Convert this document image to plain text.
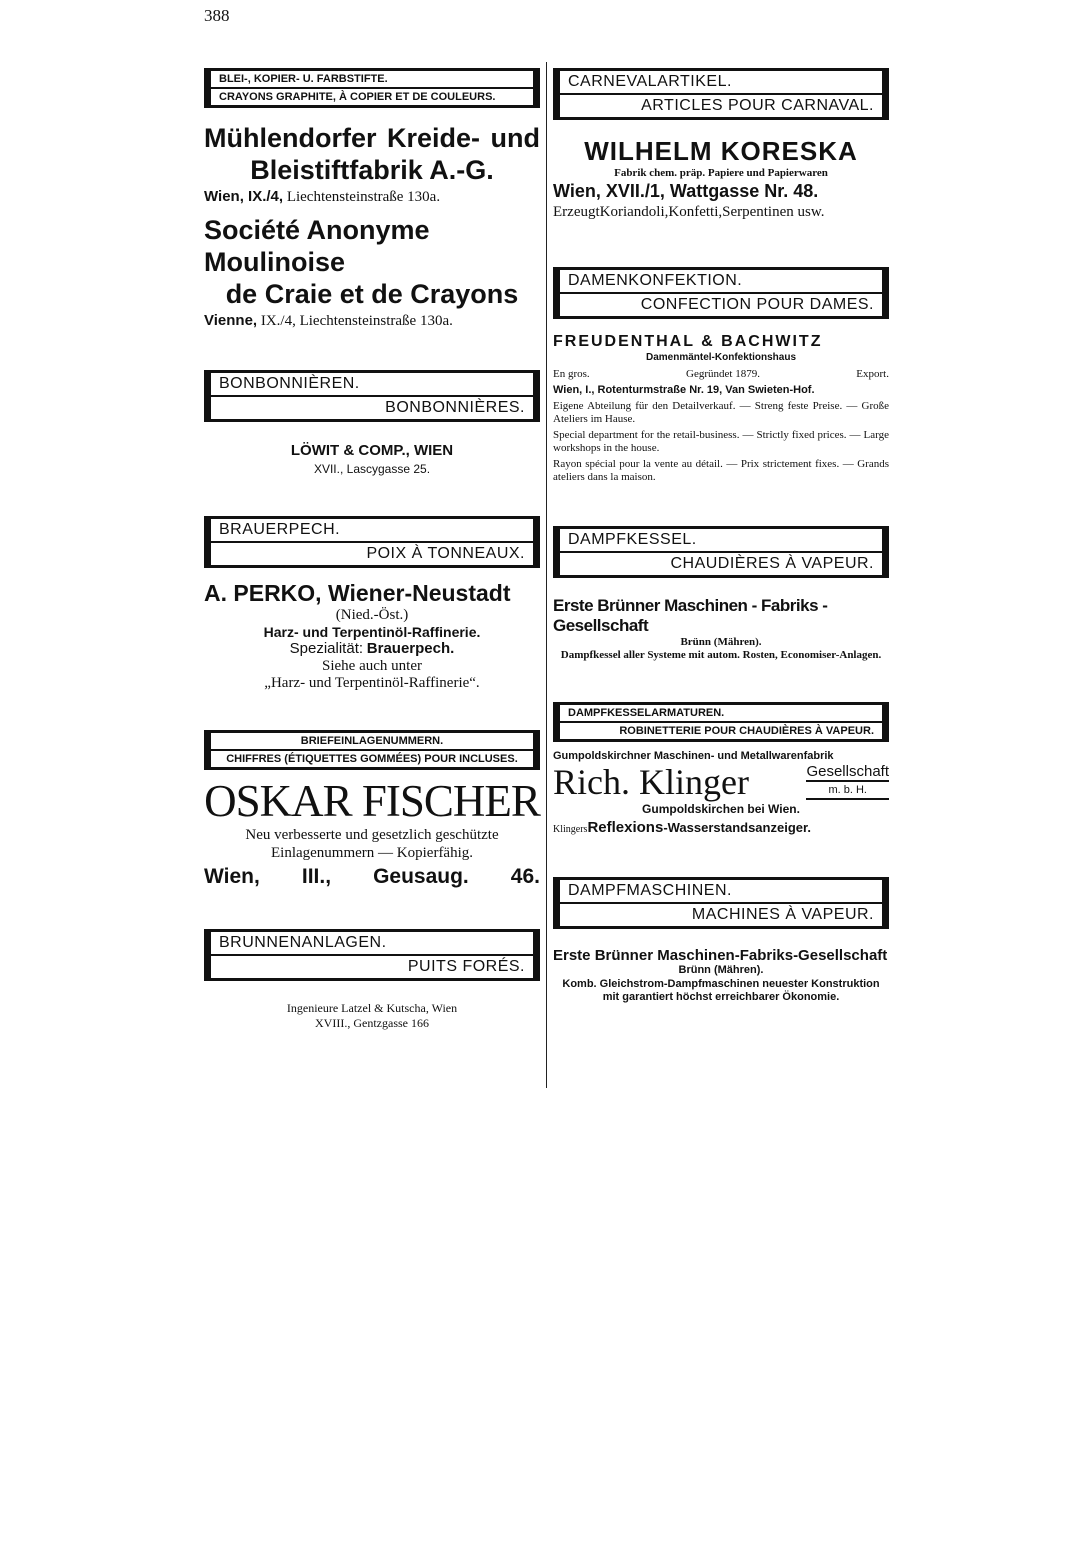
388
BLEI-, KOPIER- U. FARBSTIFTE.
CRAYONS GRAPHITE, À COPIER ET DE COULEURS.

Mühlendorfer Kreide- und

Bleistiftfabrik A.-G.

Wien, IX./4, Liechtensteinstraße 130a.

Société Anonyme Moulinoise

de Craie et de Crayons

Vienne, IX./4, Liechtensteinstraße 130a.

BONBONNIÈREN.
BONBONNIÈRES.

LÖWIT & COMP., WIEN

XVII., Lascygasse 25.

BRAUERPECH.
POIX À TONNEAUX.

A. PERKO, Wiener-Neustadt

(Nied.-Öst.)

Harz- und Terpentinöl-Raffinerie.

Spezialität: Brauerpech.

Siehe auch unter

„Harz- und Terpentinöl-Raffinerie“.

BRIEFEINLAGENUMMERN.
CHIFFRES (ÉTIQUETTES GOMMÉES) POUR INCLUSES.

OSKAR FISCHER

Neu verbesserte und gesetzlich geschützte Einlagenummern — Kopierfähig.

Wien, III., Geusaug. 46.

BRUNNENANLAGEN.
PUITS FORÉS.

Ingenieure Latzel & Kutscha, Wien

XVIII., Gentzgasse 166

CARNEVALARTIKEL.
ARTICLES POUR CARNAVAL.

WILHELM KORESKA

Fabrik chem. präp. Papiere und Papierwaren

Wien, XVII./1, Wattgasse Nr. 48.

ErzeugtKoriandoli,Konfetti,Serpentinen usw.

DAMENKONFEKTION.
CONFECTION POUR DAMES.

FREUDENTHAL & BACHWITZ

Damenmäntel-Konfektionshaus

En gros.	Gegründet 1879.	Export.

Wien, I., Rotenturmstraße Nr. 19, Van Swieten-Hof.

Eigene Abteilung für den Detailverkauf. — Streng feste Preise. — Große Ateliers im Hause.

Special department for the retail-business. — Strictly fixed prices. — Large workshops in the house.

Rayon spécial pour la vente au détail. — Prix strictement fixes. — Grands ateliers dans la maison.

DAMPFKESSEL.
CHAUDIÈRES À VAPEUR.

Erste Brünner Maschinen - Fabriks - Gesellschaft

Brünn (Mähren).

Dampfkessel aller Systeme mit autom. Rosten, Economiser-Anlagen.

DAMPFKESSELARMATUREN.
ROBINETTERIE POUR CHAUDIÈRES À VAPEUR.

Gumpoldskirchner Maschinen- und Metallwarenfabrik

Rich. Klinger	Gesellschaft
m. b. H.

Gumpoldskirchen bei Wien.

KlingersReflexions-Wasserstandsanzeiger.

DAMPFMASCHINEN.
MACHINES À VAPEUR.

Erste Brünner Maschinen-Fabriks-Gesellschaft

Brünn (Mähren).

Komb. Gleichstrom-Dampfmaschinen neuester Konstruktion mit garantiert höchst erreichbarer Ökonomie.
